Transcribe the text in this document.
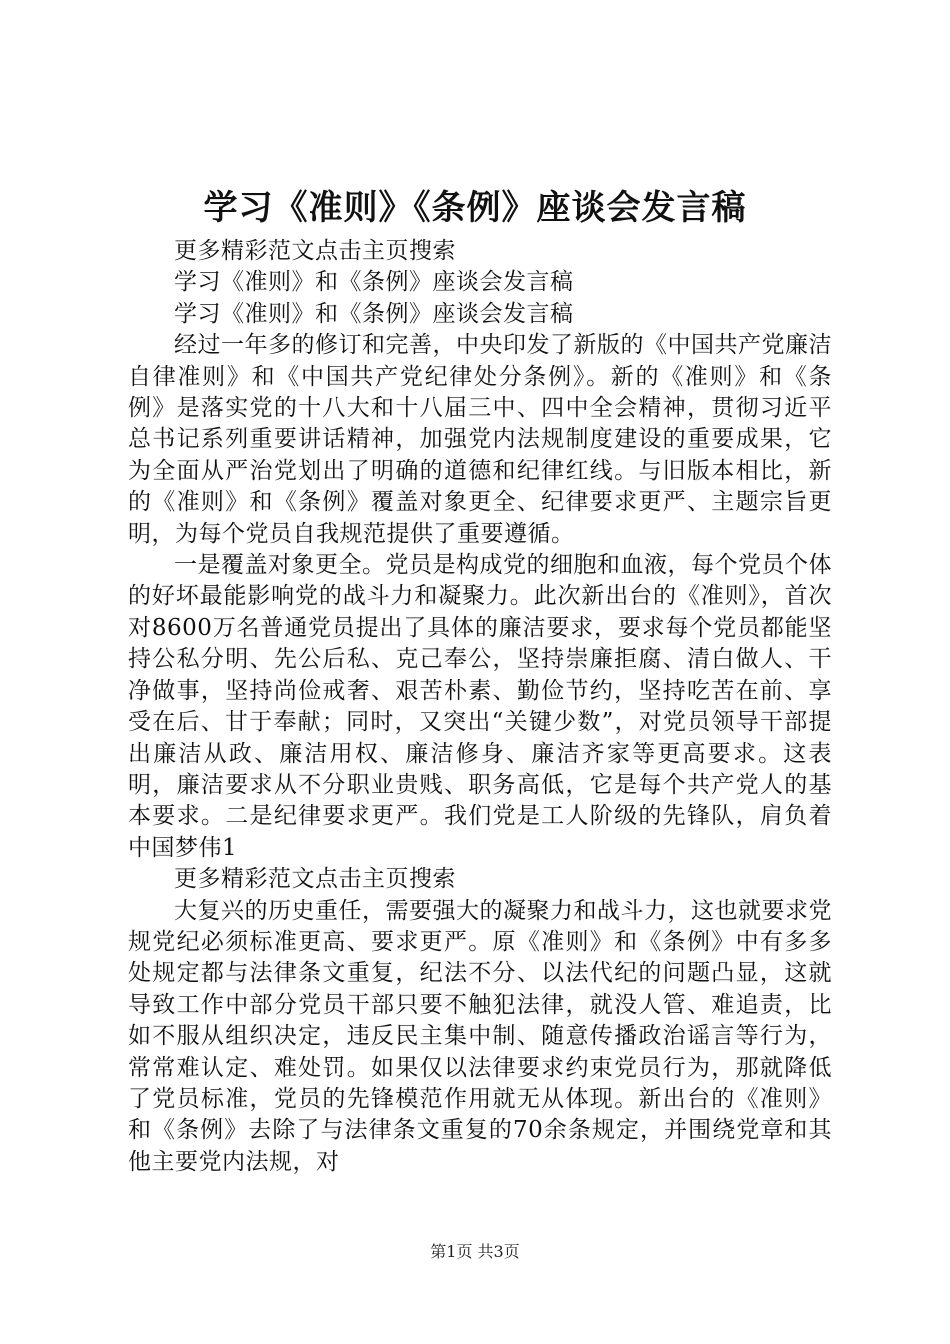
学习《准则》《条例》座谈会发言稿

更多精彩范文点击主页搜索

学习《准则》和《条例》座谈会发言稿

学习《准则》和《条例》座谈会发言稿

经过一年多的修订和完善，中央印发了新版的《中国共产党廉洁自律准则》和《中国共产党纪律处分条例》。新的《准则》和《条例》是落实党的十八大和十八届三中、四中全会精神，贯彻习近平总书记系列重要讲话精神，加强党内法规制度建设的重要成果，它为全面从严治党划出了明确的道德和纪律红线。与旧版本相比，新的《准则》和《条例》覆盖对象更全、纪律要求更严、主题宗旨更明，为每个党员自我规范提供了重要遵循。

一是覆盖对象更全。党员是构成党的细胞和血液，每个党员个体的好坏最能影响党的战斗力和凝聚力。此次新出台的《准则》，首次对8600万名普通党员提出了具体的廉洁要求，要求每个党员都能坚持公私分明、先公后私、克己奉公，坚持崇廉拒腐、清白做人、干净做事，坚持尚俭戒奢、艰苦朴素、勤俭节约，坚持吃苦在前、享受在后、甘于奉献；同时，又突出“关键少数”，对党员领导干部提出廉洁从政、廉洁用权、廉洁修身、廉洁齐家等更高要求。这表明，廉洁要求从不分职业贵贱、职务高低，它是每个共产党人的基本要求。二是纪律要求更严。我们党是工人阶级的先锋队，肩负着中国梦伟1

更多精彩范文点击主页搜索

大复兴的历史重任，需要强大的凝聚力和战斗力，这也就要求党规党纪必须标准更高、要求更严。原《准则》和《条例》中有多多处规定都与法律条文重复，纪法不分、以法代纪的问题凸显，这就导致工作中部分党员干部只要不触犯法律，就没人管、难追责，比如不服从组织决定，违反民主集中制、随意传播政治谣言等行为，常常难认定、难处罚。如果仅以法律要求约束党员行为，那就降低了党员标准，党员的先锋模范作用就无从体现。新出台的《准则》和《条例》去除了与法律条文重复的70余条规定，并围绕党章和其他主要党内法规，对

第1页 共3页
